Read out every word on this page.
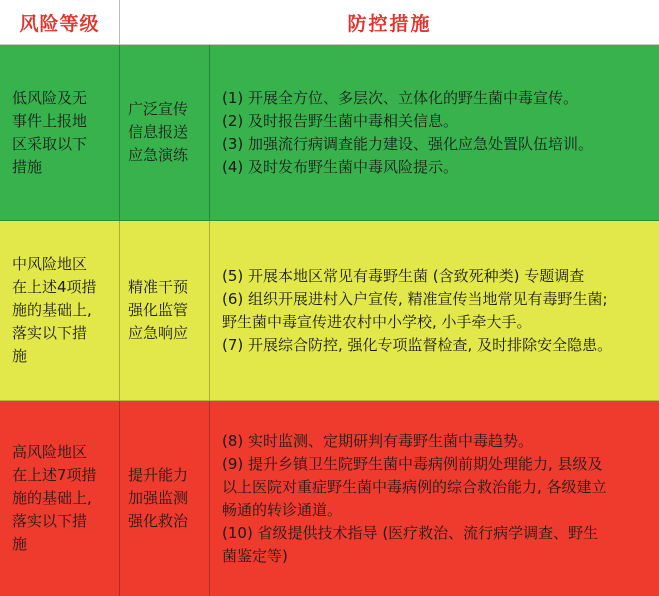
风险等级	防控措施
低风险及无
事件上报地
区采取以下
措施
广泛宣传
信息报送
应急演练
(1) 开展全方位、多层次、立体化的野生菌中毒宣传。
(2) 及时报告野生菌中毒相关信息。
(3) 加强流行病调查能力建设、强化应急处置队伍培训。
(4) 及时发布野生菌中毒风险提示。
中风险地区
在上述4项措
施的基础上,
落实以下措
施
精准干预
强化监管
应急响应
(5) 开展本地区常见有毒野生菌 (含致死种类) 专题调查
(6) 组织开展进村入户宣传, 精准宣传当地常见有毒野生菌;
野生菌中毒宣传进农村中小学校, 小手牵大手。
(7) 开展综合防控, 强化专项监督检查, 及时排除安全隐患。
高风险地区
在上述7项措
施的基础上,
落实以下措
施
提升能力
加强监测
强化救治
(8) 实时监测、定期研判有毒野生菌中毒趋势。
(9) 提升乡镇卫生院野生菌中毒病例前期处理能力, 县级及
以上医院对重症野生菌中毒病例的综合救治能力, 各级建立
畅通的转诊通道。
(10) 省级提供技术指导 (医疗救治、流行病学调查、野生
菌鉴定等)
